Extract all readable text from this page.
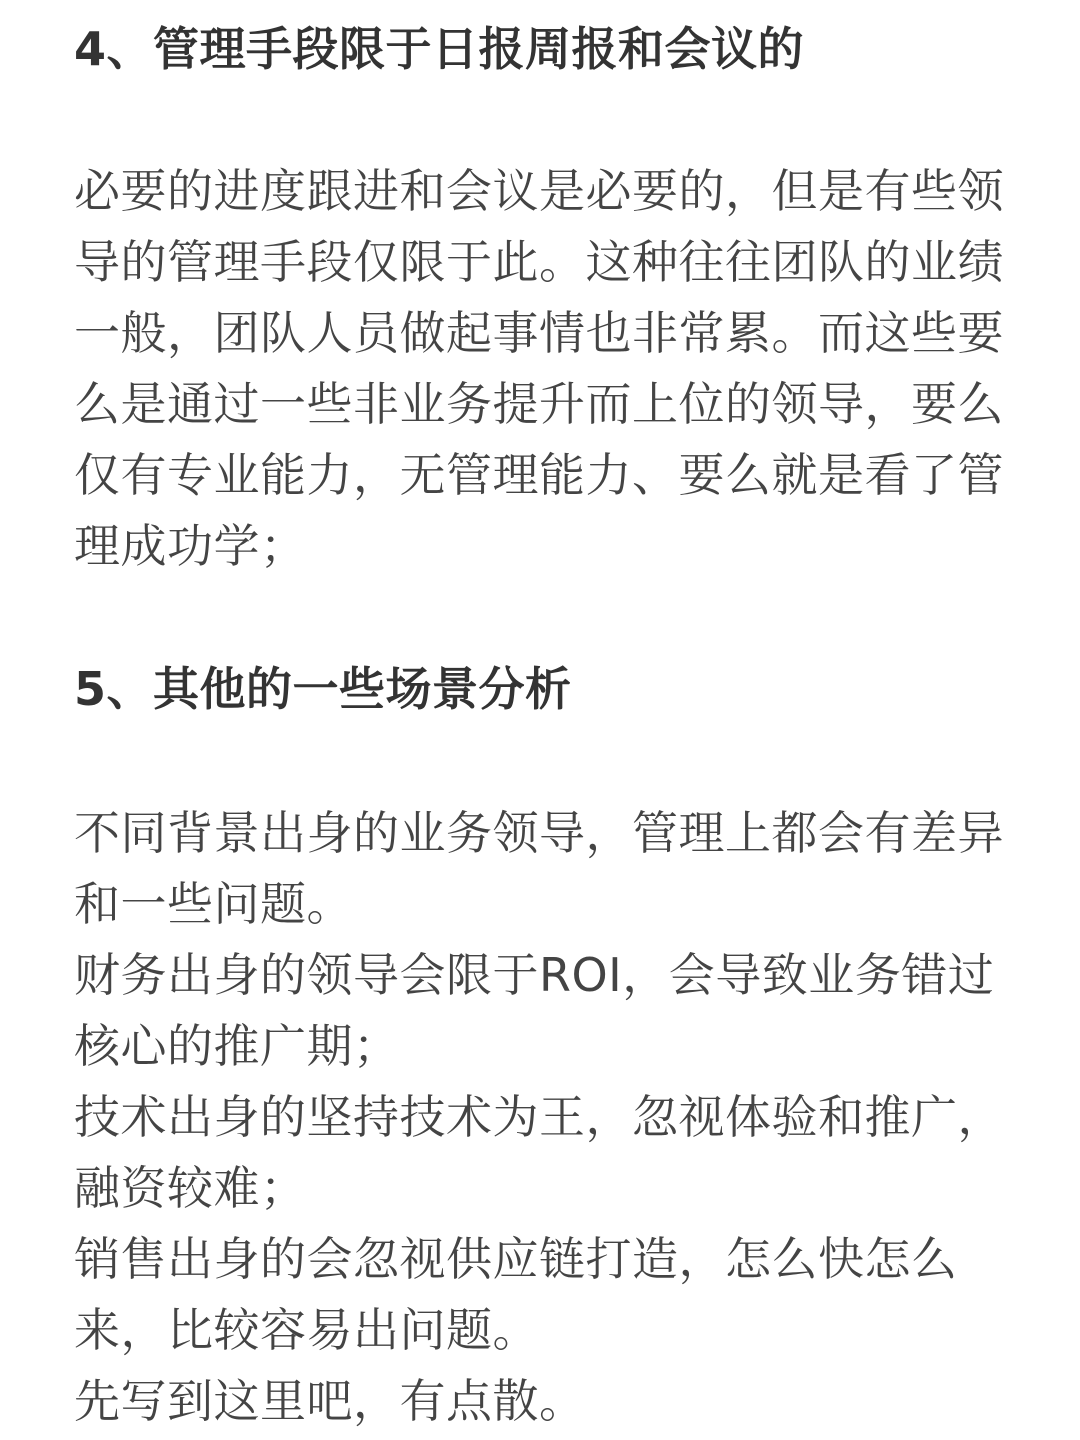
4、管理手段限于日报周报和会议的
必要的进度跟进和会议是必要的，但是有些领
导的管理手段仅限于此。这种往往团队的业绩
一般，团队人员做起事情也非常累。而这些要
么是通过一些非业务提升而上位的领导，要么
仅有专业能力，无管理能力、要么就是看了管
理成功学；
5、其他的一些场景分析
不同背景出身的业务领导，管理上都会有差异
和一些问题。
财务出身的领导会限于ROI，会导致业务错过
核心的推广期；
技术出身的坚持技术为王，忽视体验和推广，
融资较难；
销售出身的会忽视供应链打造，怎么快怎么
来，比较容易出问题。
先写到这里吧，有点散。
